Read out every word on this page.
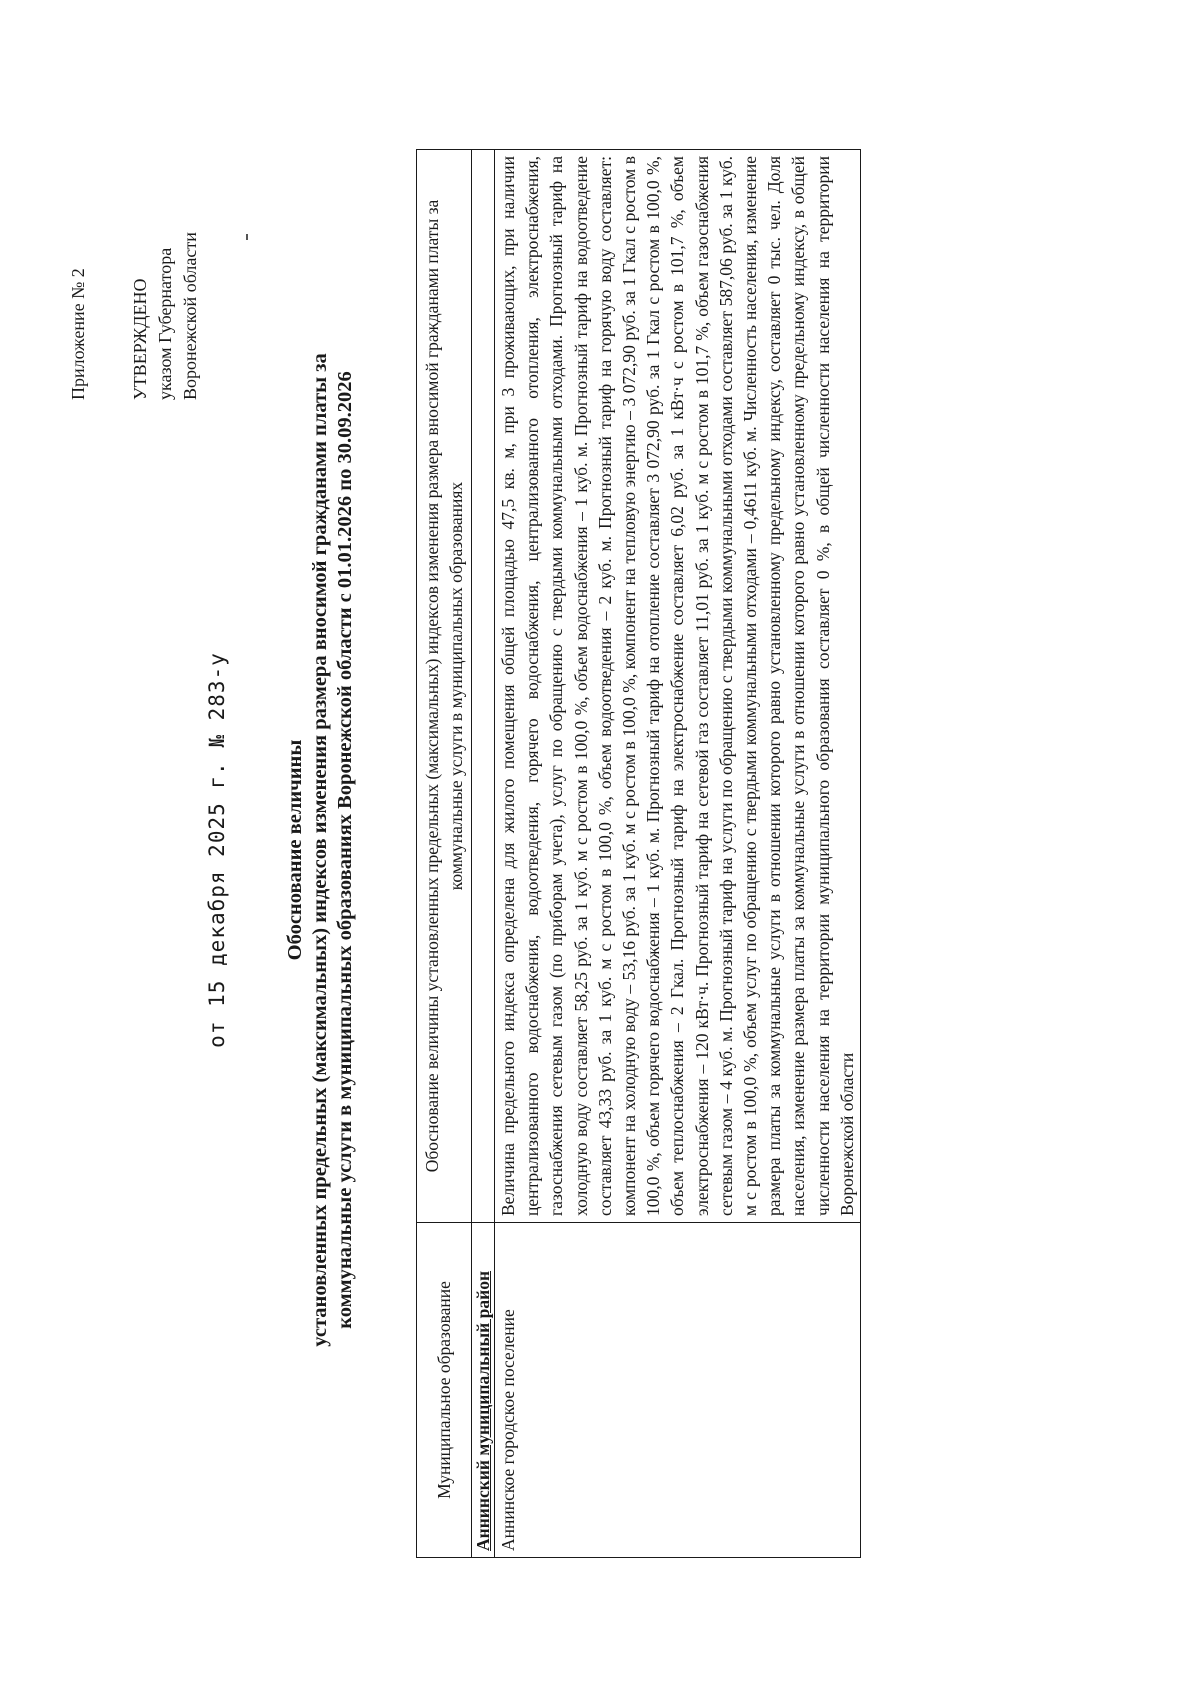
Приложение № 2 УТВЕРЖДЕНО указом Губернатора Воронежской области
от 15 декабря 2025 г. № 283-у	Обоснование величины установленных предельных (максимальных) индексов изменения размера вносимой гражданами платы за коммунальные услуги в муниципальных образованиях Воронежской области с 01.01.2026 по 30.09.2026
Муниципальное образование	Обоснование величины установленных предельных (максимальных) индексов изменения размера вносимой гражданами платы за коммунальные услуги в муниципальных образованиях
Аннинский муниципальный район	
Аннинское городское поселение	Величина предельного индекса определена для жилого помещения общей площадью 47,5 кв. м, при 3 проживающих, при наличии централизованного водоснабжения, водоотведения, горячего водоснабжения, централизованного отопления, электроснабжения, газоснабжения сетевым газом (по приборам учета), услуг по обращению с твердыми коммунальными отходами. Прогнозный тариф на холодную воду составляет 58,25 руб. за 1 куб. м с ростом в 100,0 %, объем водоснабжения – 1 куб. м. Прогнозный тариф на водоотведение составляет 43,33 руб. за 1 куб. м с ростом в 100,0 %, объем водоотведения – 2 куб. м. Прогнозный тариф на горячую воду составляет: компонент на холодную воду – 53,16 руб. за 1 куб. м с ростом в 100,0 %, компонент на тепловую энергию – 3 072,90 руб. за 1 Гкал с ростом в 100,0 %, объем горячего водоснабжения – 1 куб. м. Прогнозный тариф на отопление составляет 3 072,90 руб. за 1 Гкал с ростом в 100,0 %, объем теплоснабжения – 2 Гкал. Прогнозный тариф на электроснабжение составляет 6,02 руб. за 1 кВт·ч с ростом в 101,7 %, объем электроснабжения – 120 кВт·ч. Прогнозный тариф на сетевой газ составляет 11,01 руб. за 1 куб. м с ростом в 101,7 %, объем газоснабжения сетевым газом – 4 куб. м. Прогнозный тариф на услуги по обращению с твердыми коммунальными отходами составляет 587,06 руб. за 1 куб. м с ростом в 100,0 %, объем услуг по обращению с твердыми коммунальными отходами – 0,4611 куб. м. Численность населения, изменение размера платы за коммунальные услуги в отношении которого равно установленному предельному индексу, составляет 0 тыс. чел. Доля населения, изменение размера платы за коммунальные услуги в отношении которого равно установленному предельному индексу, в общей численности населения на территории муниципального образования составляет 0 %, в общей численности населения на территории Воронежской области
